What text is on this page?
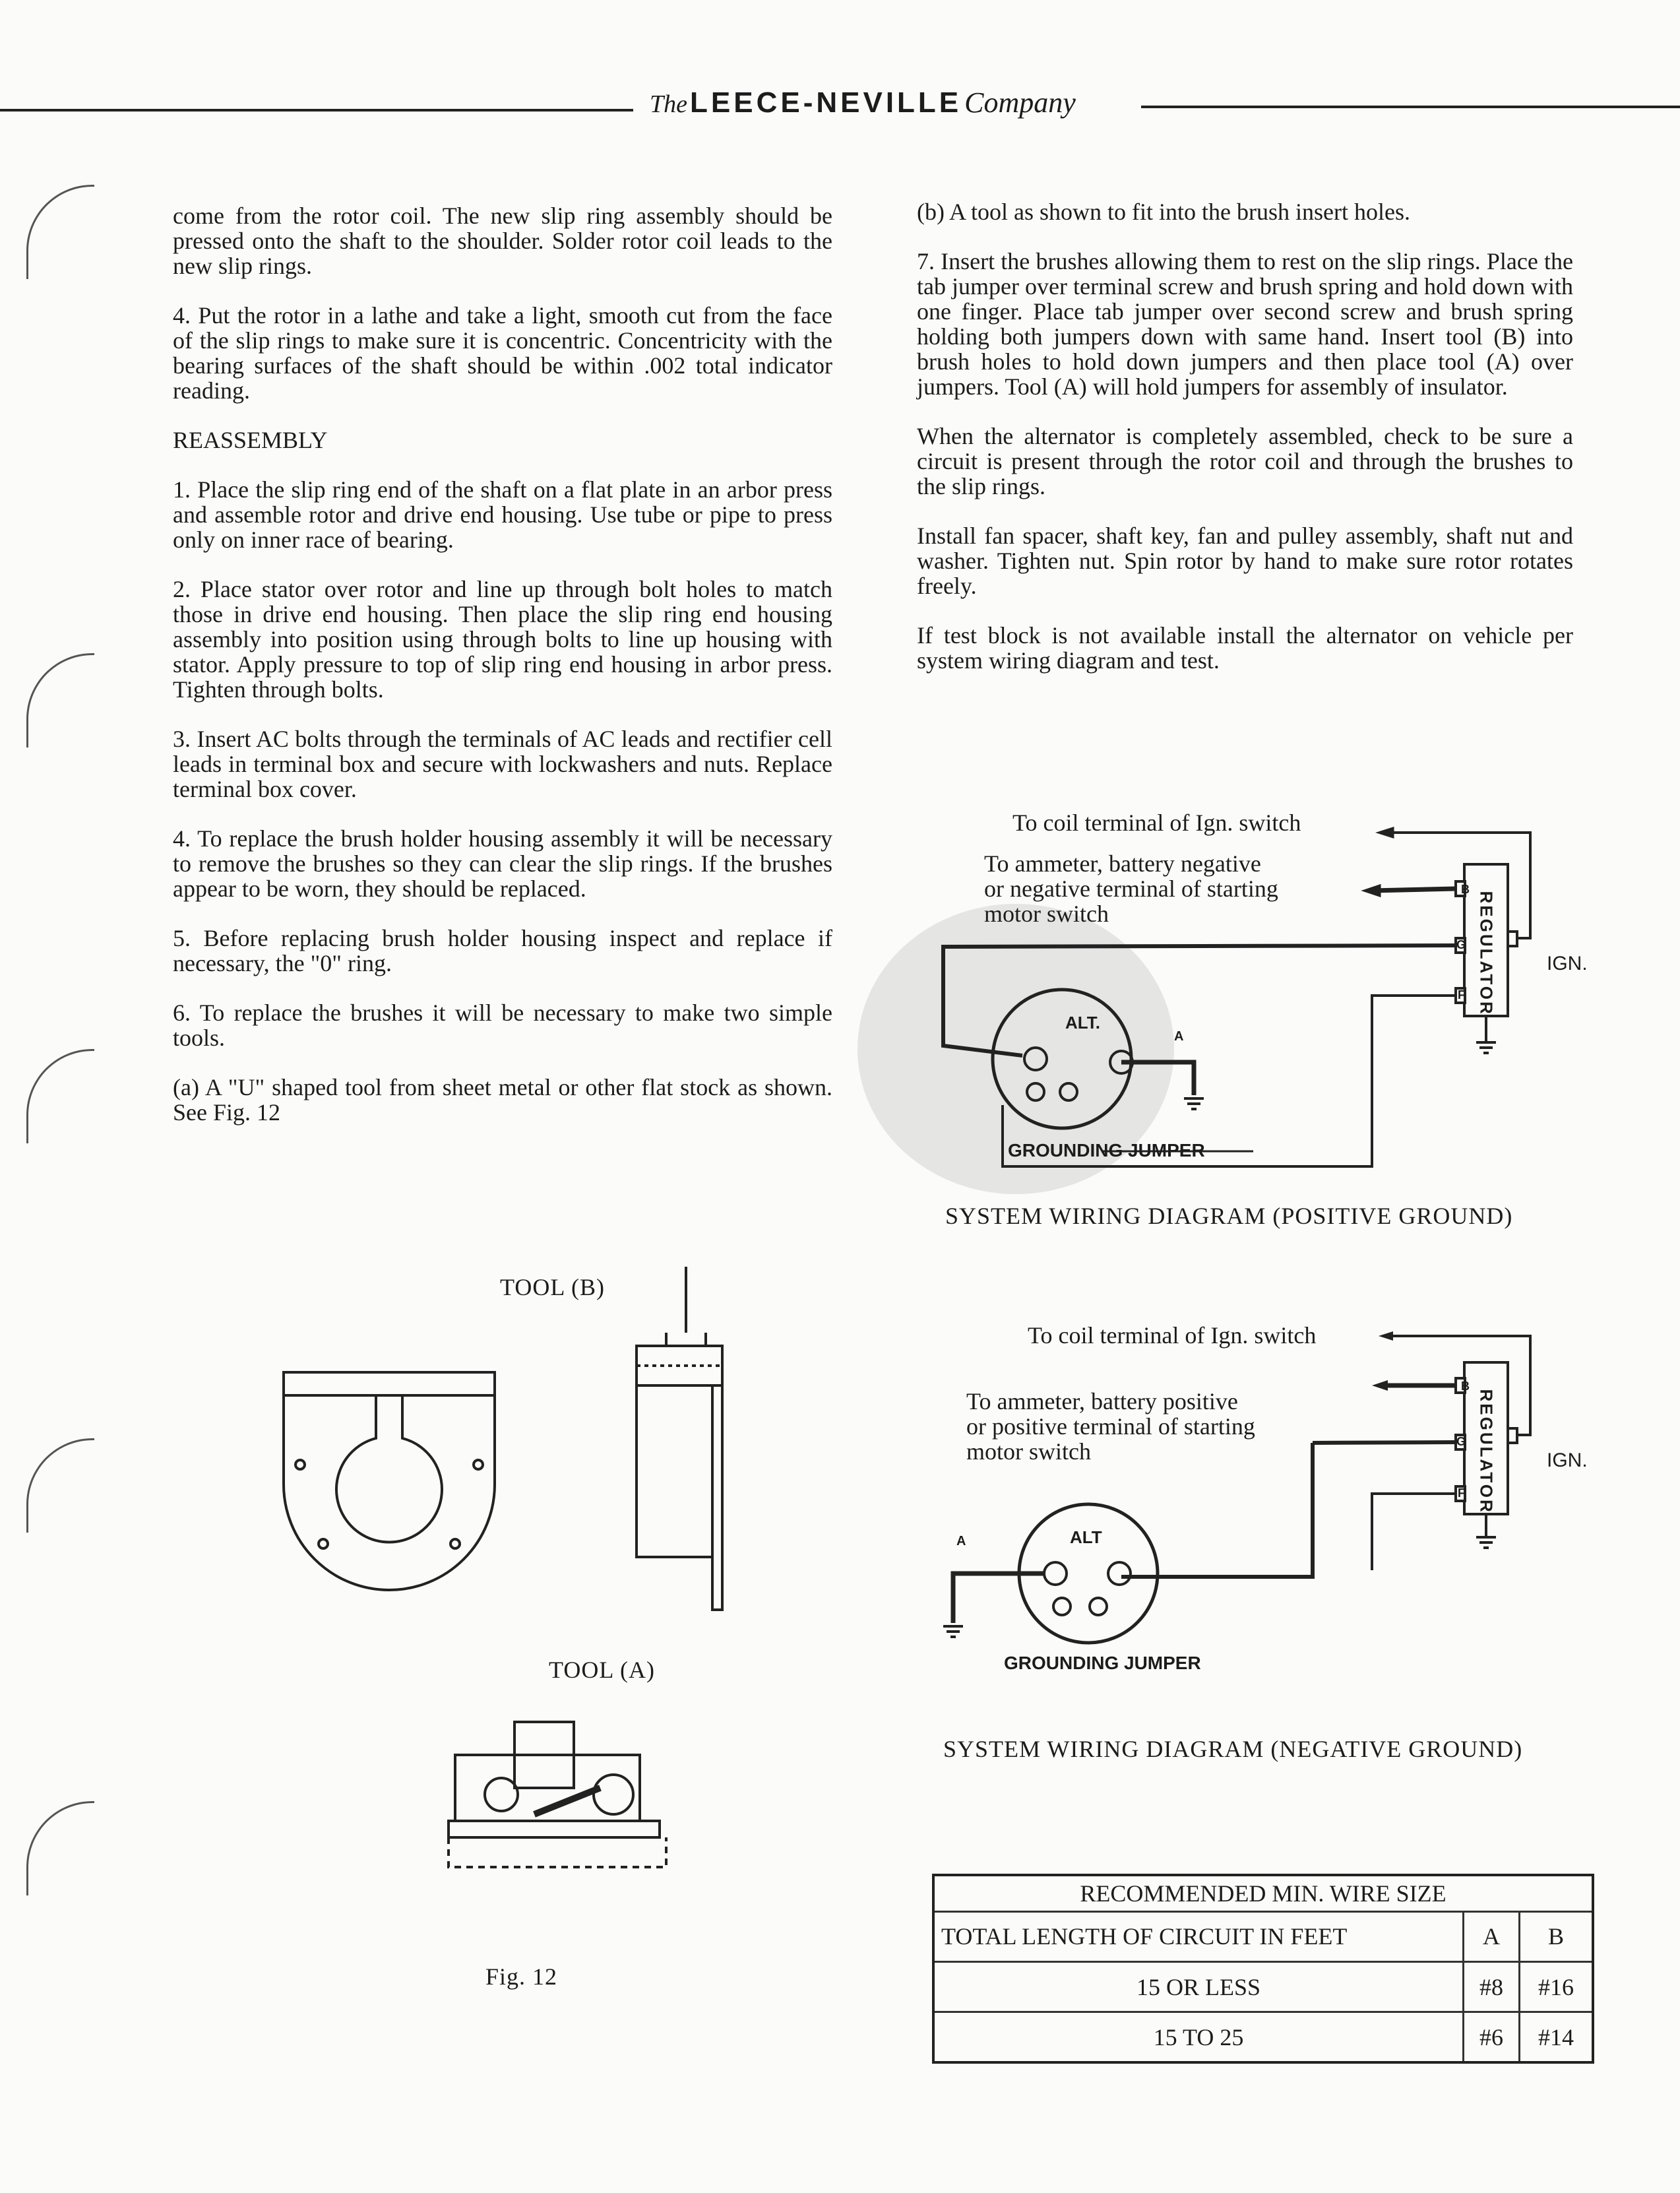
The LEECE-NEVILLE Company

come from the rotor coil. The new slip ring assembly should be pressed onto the shaft to the shoulder. Solder rotor coil leads to the new slip rings.

4. Put the rotor in a lathe and take a light, smooth cut from the face of the slip rings to make sure it is concentric. Concentricity with the bearing surfaces of the shaft should be within .002 total indicator reading.

REASSEMBLY

1. Place the slip ring end of the shaft on a flat plate in an arbor press and assemble rotor and drive end housing. Use tube or pipe to press only on inner race of bearing.

2. Place stator over rotor and line up through bolt holes to match those in drive end housing. Then place the slip ring end housing assembly into position using through bolts to line up housing with stator. Apply pressure to top of slip ring end housing in arbor press. Tighten through bolts.

3. Insert AC bolts through the terminals of AC leads and rectifier cell leads in terminal box and secure with lockwashers and nuts. Replace terminal box cover.

4. To replace the brush holder housing assembly it will be necessary to remove the brushes so they can clear the slip rings. If the brushes appear to be worn, they should be replaced.

5. Before replacing brush holder housing inspect and replace if necessary, the "0" ring.

6. To replace the brushes it will be necessary to make two simple tools.

(a) A "U" shaped tool from sheet metal or other flat stock as shown. See Fig. 12

(b) A tool as shown to fit into the brush insert holes.

7. Insert the brushes allowing them to rest on the slip rings. Place the tab jumper over terminal screw and brush spring and hold down with one finger. Place tab jumper over second screw and brush spring holding both jumpers down with same hand. Insert tool (B) into brush holes to hold down jumpers and then place tool (A) over jumpers. Tool (A) will hold jumpers for assembly of insulator.

When the alternator is completely assembled, check to be sure a circuit is present through the rotor coil and through the brushes to the slip rings.

Install fan spacer, shaft key, fan and pulley assembly, shaft nut and washer. Tighten nut. Spin rotor by hand to make sure rotor rotates freely.

If test block is not available install the alternator on vehicle per system wiring diagram and test.

To coil terminal of Ign. switch
To ammeter, battery negative
or negative terminal of starting
motor switch	REGULATOR	IGN.
ALT.
GROUNDING JUMPER
B
G
F
A
SYSTEM WIRING DIAGRAM (POSITIVE GROUND)
To coil terminal of Ign. switch
To ammeter, battery positive
or positive terminal of starting
motor switch	REGULATOR	IGN.
ALT
GROUNDING JUMPER
B
G
F
A
SYSTEM WIRING DIAGRAM (NEGATIVE GROUND)
TOOL (B)
TOOL (A)
Fig. 12
RECOMMENDED MIN. WIRE SIZE		
TOTAL LENGTH OF CIRCUIT IN FEET	A	B
15 OR LESS	#8	#16
15 TO 25	#6	#14
